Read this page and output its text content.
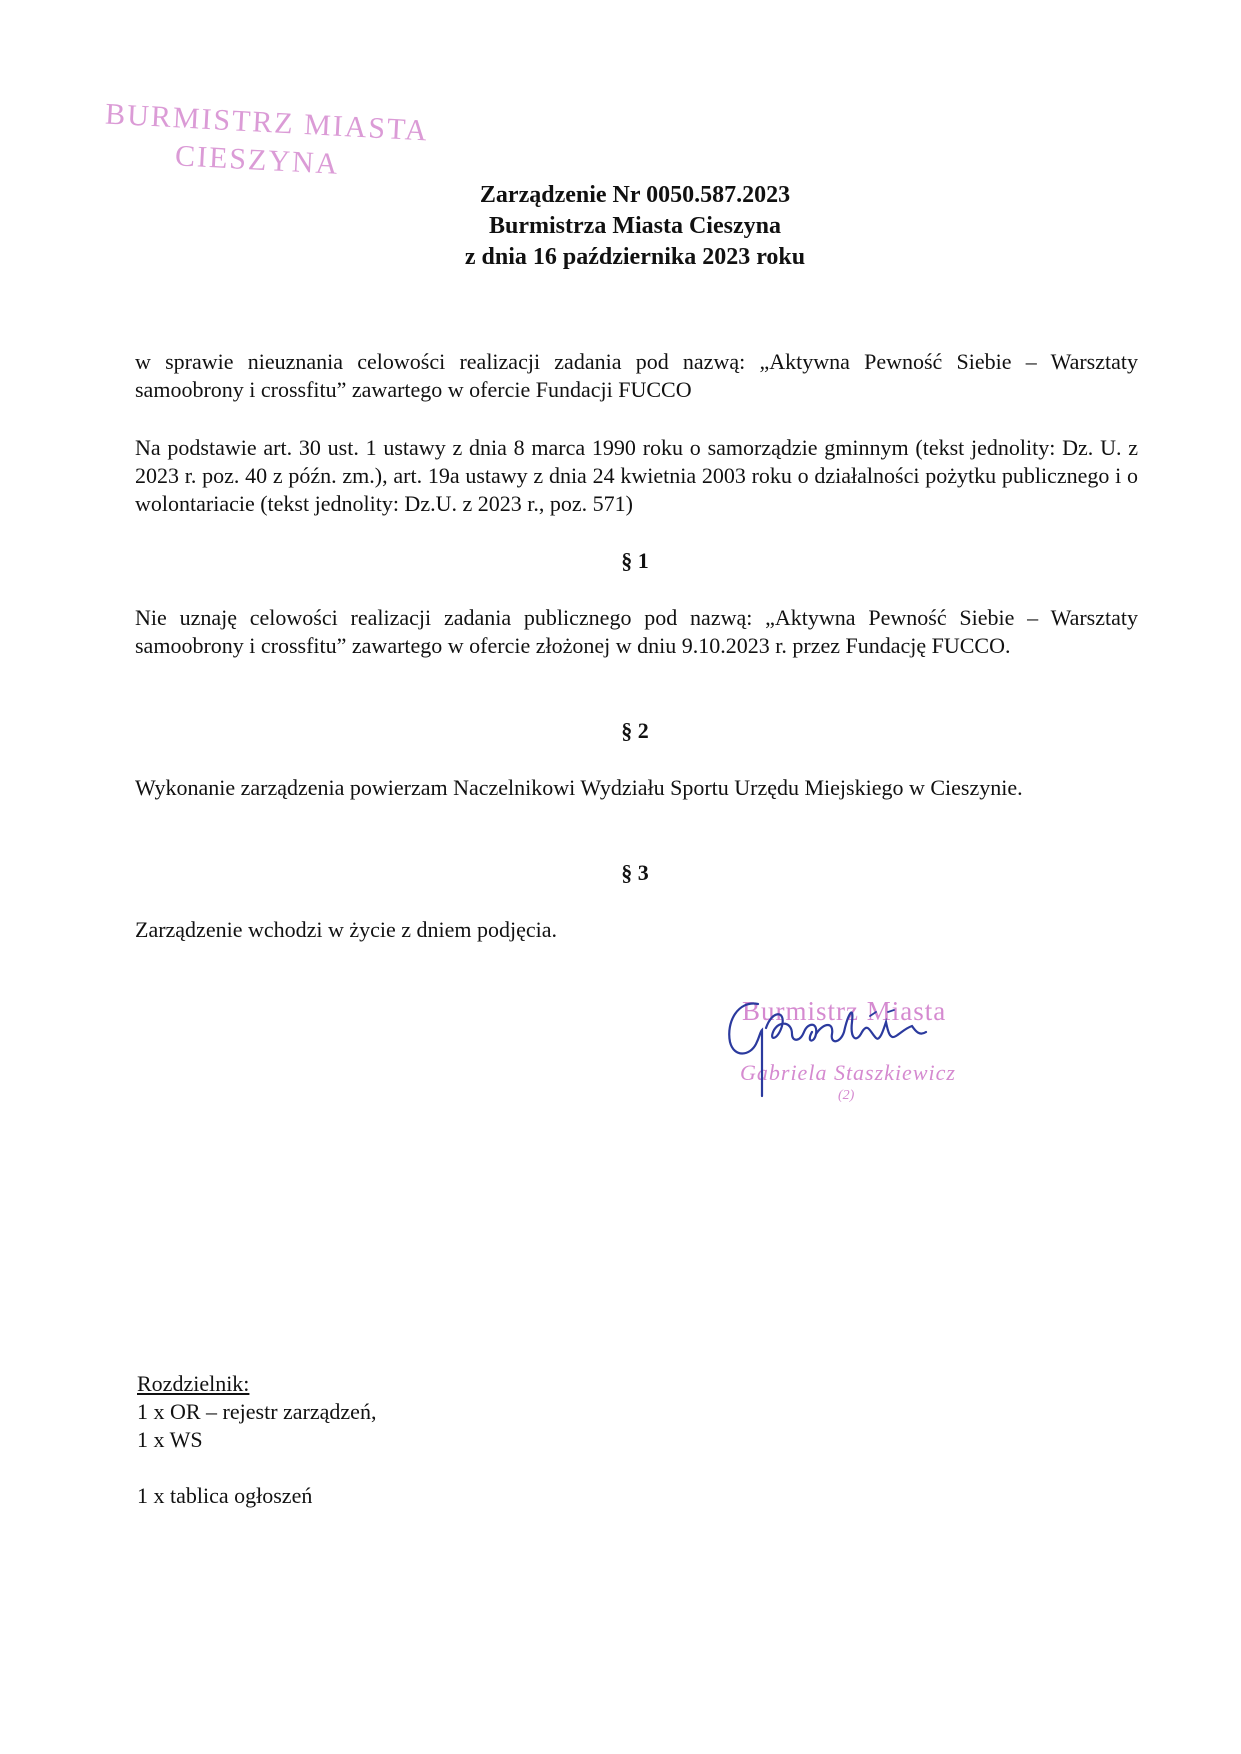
BURMISTRZ MIASTA
CIESZYNA
Zarządzenie Nr 0050.587.2023
Burmistrza Miasta Cieszyna
z dnia 16 października 2023 roku
w sprawie nieuznania celowości realizacji zadania pod nazwą: „Aktywna Pewność Siebie – Warsztaty samoobrony i crossfitu” zawartego w ofercie Fundacji FUCCO
Na podstawie art. 30 ust. 1 ustawy z dnia 8 marca 1990 roku o samorządzie gminnym (tekst jednolity: Dz. U. z 2023 r. poz. 40 z późn. zm.), art. 19a ustawy z dnia 24 kwietnia 2003 roku o działalności pożytku publicznego i o wolontariacie (tekst jednolity: Dz.U. z 2023 r., poz. 571)
§ 1
Nie uznaję celowości realizacji zadania publicznego pod nazwą: „Aktywna Pewność Siebie – Warsztaty samoobrony i crossfitu” zawartego w ofercie złożonej w dniu 9.10.2023 r. przez Fundację FUCCO.
§ 2
Wykonanie zarządzenia powierzam Naczelnikowi Wydziału Sportu Urzędu Miejskiego w Cieszynie.
§ 3
Zarządzenie wchodzi w życie z dniem podjęcia.
Burmistrz Miasta
Gabriela Staszkiewicz
(2)
Rozdzielnik:
1 x OR – rejestr zarządzeń,
1 x WS
1 x tablica ogłoszeń
